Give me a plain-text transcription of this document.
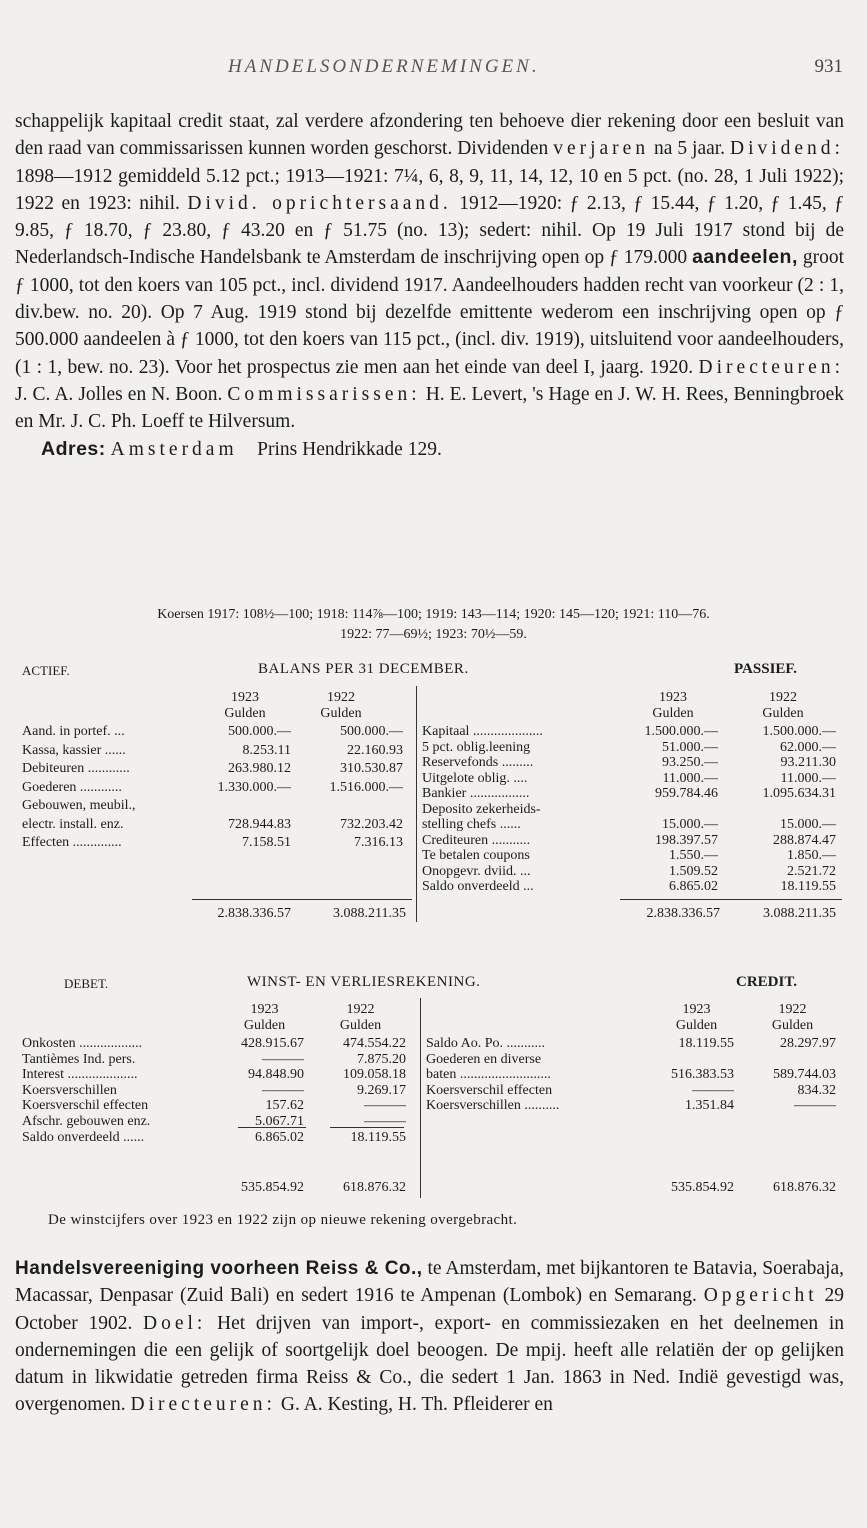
HANDELSONDERNEMINGEN.	931
schappelijk kapitaal credit staat, zal verdere afzondering ten behoeve dier rekening door een besluit van den raad van commissarissen kunnen worden geschorst. Dividenden verjaren na 5 jaar. Dividend: 1898—1912 gemiddeld 5.12 pct.; 1913—1921: 7¼, 6, 8, 9, 11, 14, 12, 10 en 5 pct. (no. 28, 1 Juli 1922); 1922 en 1923: nihil. Divid. oprichtersaand. 1912—1920: ƒ 2.13, ƒ 15.44, ƒ 1.20, ƒ 1.45, ƒ 9.85, ƒ 18.70, ƒ 23.80, ƒ 43.20 en ƒ 51.75 (no. 13); sedert: nihil. Op 19 Juli 1917 stond bij de Nederlandsch-Indische Handelsbank te Amsterdam de inschrijving open op ƒ 179.000 aandeelen, groot ƒ 1000, tot den koers van 105 pct., incl. dividend 1917. Aandeelhouders hadden recht van voorkeur (2 : 1, div.bew. no. 20). Op 7 Aug. 1919 stond bij dezelfde emittente wederom een inschrijving open op ƒ 500.000 aandeelen à ƒ 1000, tot den koers van 115 pct., (incl. div. 1919), uitsluitend voor aandeelhouders, (1 : 1, bew. no. 23). Voor het prospectus zie men aan het einde van deel I, jaarg. 1920. Directeuren: J. C. A. Jolles en N. Boon. Commissarissen: H. E. Levert, 's Hage en J. W. H. Rees, Benningbroek en Mr. J. C. Ph. Loeff te Hilversum.
Adres: Amsterdam Prins Hendrikkade 129.
Koersen 1917: 108½—100; 1918: 114⅞—100; 1919: 143—114; 1920: 145—120; 1921: 110—76.
1922: 77—69½; 1923: 70½—59.
ACTIEF.	BALANS PER 31 DECEMBER.	PASSIEF.
1923	1922
Gulden	Gulden
1923	1922
Gulden	Gulden
Aand. in portef. ...	500.000.—	500.000.—
Kassa, kassier ......	8.253.11	22.160.93
Debiteuren ............	263.980.12	310.530.87
Goederen ............	1.330.000.—	1.516.000.—
Gebouwen, meubil.,
electr. install. enz.	728.944.83	732.203.42
Effecten ..............	7.158.51	7.316.13
Kapitaal ....................	1.500.000.—	1.500.000.—
5 pct. oblig.leening	51.000.—	62.000.—
Reservefonds .........	93.250.—	93.211.30
Uitgelote oblig. ....	11.000.—	11.000.—
Bankier .................	959.784.46	1.095.634.31
Deposito zekerheids-
stelling chefs ......	15.000.—	15.000.—
Crediteuren ...........	198.397.57	288.874.47
Te betalen coupons	1.550.—	1.850.—
Onopgevr. dviid. ...	1.509.52	2.521.72
Saldo onverdeeld ...	6.865.02	18.119.55
2.838.336.57	3.088.211.35	2.838.336.57	3.088.211.35
DEBET.	WINST- EN VERLIESREKENING.	CREDIT.
1923	1922
Gulden	Gulden
1923	1922
Gulden	Gulden
Onkosten ..................	428.915.67	474.554.22
Tantièmes Ind. pers.	———	7.875.20
Interest ....................	94.848.90	109.058.18
Koersverschillen	———	9.269.17
Koersverschil effecten	157.62	———
Afschr. gebouwen enz.	5.067.71	———
Saldo onverdeeld ......	6.865.02	18.119.55
Saldo Ao. Po. ...........	18.119.55	28.297.97
Goederen en diverse
baten ..........................	516.383.53	589.744.03
Koersverschil effecten	———	834.32
Koersverschillen ..........	1.351.84	———
535.854.92	618.876.32	535.854.92	618.876.32
De winstcijfers over 1923 en 1922 zijn op nieuwe rekening overgebracht.
Handelsvereeniging voorheen Reiss & Co., te Amsterdam, met bijkantoren te Batavia, Soerabaja, Macassar, Denpasar (Zuid Bali) en sedert 1916 te Ampenan (Lombok) en Semarang. Opgericht 29 October 1902. Doel: Het drijven van import-, export- en commissiezaken en het deelnemen in ondernemingen die een gelijk of soortgelijk doel beoogen. De mpij. heeft alle relatiën der op gelijken datum in likwidatie getreden firma Reiss & Co., die sedert 1 Jan. 1863 in Ned. Indië gevestigd was, overgenomen. Directeuren: G. A. Kesting, H. Th. Pfleiderer en
